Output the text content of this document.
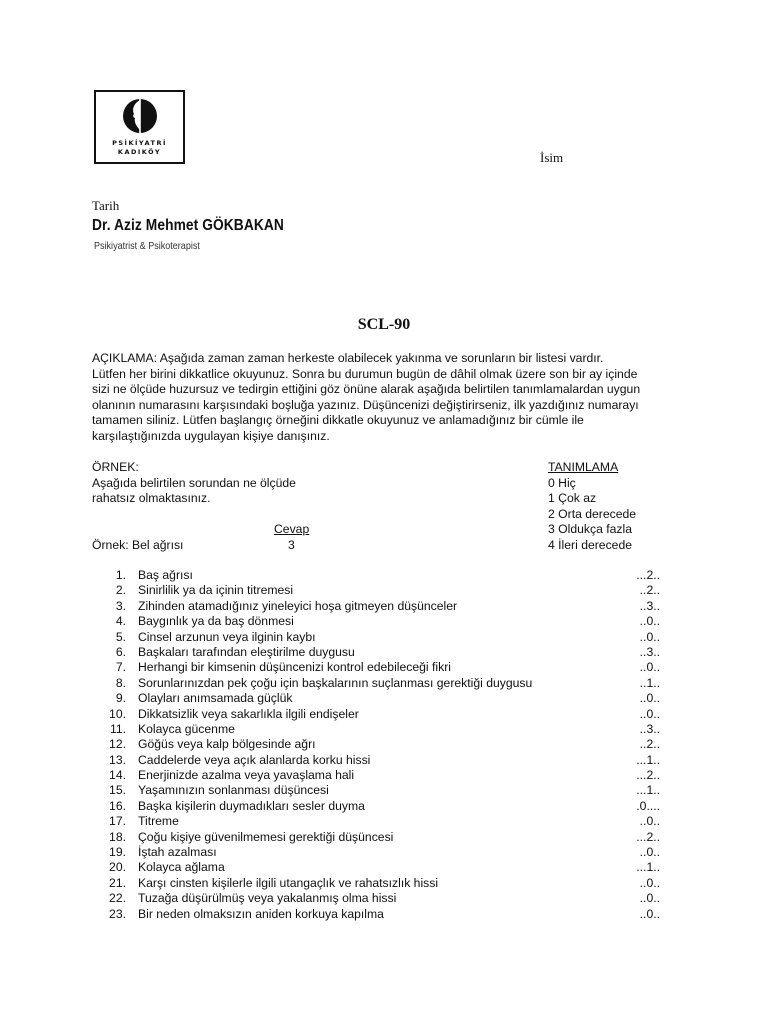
PSİKİYATRİ
KADIKÖY	İsim
Tarih
Dr. Aziz Mehmet GÖKBAKAN
Psikiyatrist & Psikoterapist
SCL-90
AÇIKLAMA: Aşağıda zaman zaman herkeste olabilecek yakınma ve sorunların bir listesi vardır.
Lütfen her birini dikkatlice okuyunuz. Sonra bu durumun bugün de dâhil olmak üzere son bir ay içinde
sizi ne ölçüde huzursuz ve tedirgin ettiğini göz önüne alarak aşağıda belirtilen tanımlamalardan uygun
olanının numarasını karşısındaki boşluğa yazınız. Düşüncenizi değiştirirseniz, ilk yazdığınız numarayı
tamamen siliniz. Lütfen başlangıç örneğini dikkatle okuyunuz ve anlamadığınız bir cümle ile
karşılaştığınızda uygulayan kişiye danışınız.
ÖRNEK:
Aşağıda belirtilen sorundan ne ölçüde
rahatsız olmaktasınız.
Cevap
Örnek: Bel ağrısı	3
TANIMLAMA
0 Hiç
1 Çok az
2 Orta derecede
3 Oldukça fazla
4 İleri derecede
1. Baş ağrısı	...2..
2. Sinirlilik ya da içinin titremesi	..2..
3. Zihinden atamadığınız yineleyici hoşa gitmeyen düşünceler	..3..
4. Baygınlık ya da baş dönmesi	..0..
5. Cinsel arzunun veya ilginin kaybı	..0..
6. Başkaları tarafından eleştirilme duygusu	..3..
7. Herhangi bir kimsenin düşüncenizi kontrol edebileceği fikri	..0..
8. Sorunlarınızdan pek çoğu için başkalarının suçlanması gerektiği duygusu	..1..
9. Olayları anımsamada güçlük	..0..
10. Dikkatsizlik veya sakarlıkla ilgili endişeler	..0..
11. Kolayca gücenme	..3..
12. Göğüs veya kalp bölgesinde ağrı	..2..
13. Caddelerde veya açık alanlarda korku hissi	...1..
14. Enerjinizde azalma veya yavaşlama hali	...2..
15. Yaşamınızın sonlanması düşüncesi	...1..
16. Başka kişilerin duymadıkları sesler duyma	.0....
17. Titreme	..0..
18. Çoğu kişiye güvenilmemesi gerektiği düşüncesi	...2..
19. İştah azalması	..0..
20. Kolayca ağlama	...1..
21. Karşı cinsten kişilerle ilgili utangaçlık ve rahatsızlık hissi	..0..
22. Tuzağa düşürülmüş veya yakalanmış olma hissi	..0..
23. Bir neden olmaksızın aniden korkuya kapılma	..0..
